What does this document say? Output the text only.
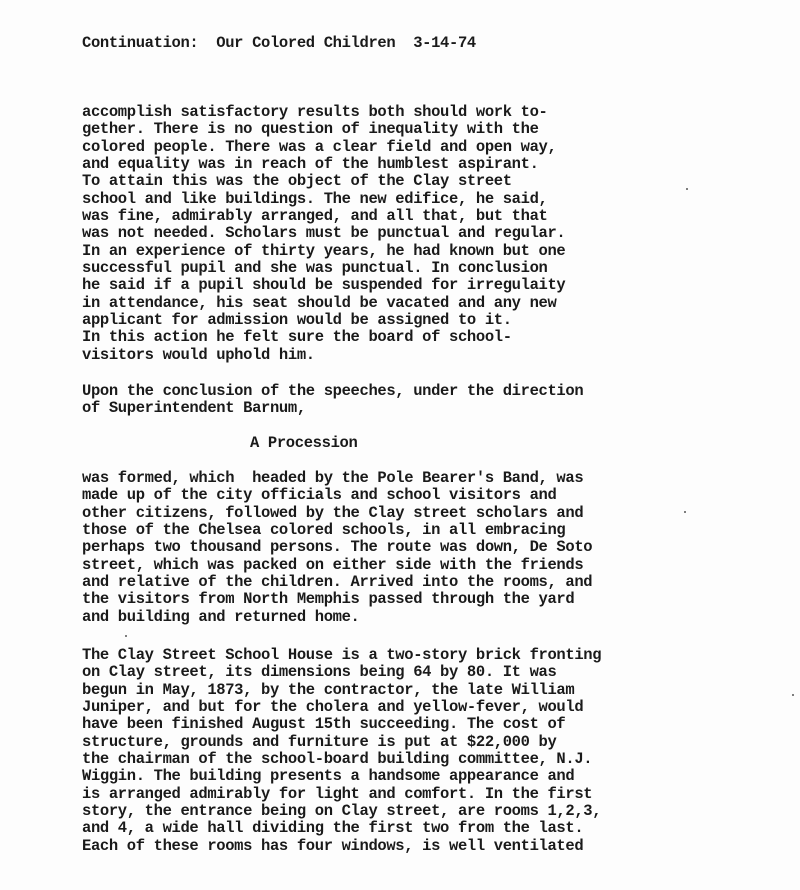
Continuation:  Our Colored Children  3-14-74
accomplish satisfactory results both should work to-
gether. There is no question of inequality with the
colored people. There was a clear field and open way,
and equality was in reach of the humblest aspirant.
To attain this was the object of the Clay street
school and like buildings. The new edifice, he said,
was fine, admirably arranged, and all that, but that
was not needed. Scholars must be punctual and regular.
In an experience of thirty years, he had known but one
successful pupil and she was punctual. In conclusion
he said if a pupil should be suspended for irregulaity
in attendance, his seat should be vacated and any new
applicant for admission would be assigned to it.
In this action he felt sure the board of school-
visitors would uphold him.
Upon the conclusion of the speeches, under the direction
of Superintendent Barnum,
A Procession
was formed, which  headed by the Pole Bearer's Band, was
made up of the city officials and school visitors and
other citizens, followed by the Clay street scholars and
those of the Chelsea colored schools, in all embracing
perhaps two thousand persons. The route was down, De Soto
street, which was packed on either side with the friends
and relative of the children. Arrived into the rooms, and
the visitors from North Memphis passed through the yard
and building and returned home.
The Clay Street School House is a two-story brick fronting
on Clay street, its dimensions being 64 by 80. It was
begun in May, 1873, by the contractor, the late William
Juniper, and but for the cholera and yellow-fever, would
have been finished August 15th succeeding. The cost of
structure, grounds and furniture is put at $22,000 by
the chairman of the school-board building committee, N.J.
Wiggin. The building presents a handsome appearance and
is arranged admirably for light and comfort. In the first
story, the entrance being on Clay street, are rooms 1,2,3,
and 4, a wide hall dividing the first two from the last.
Each of these rooms has four windows, is well ventilated
